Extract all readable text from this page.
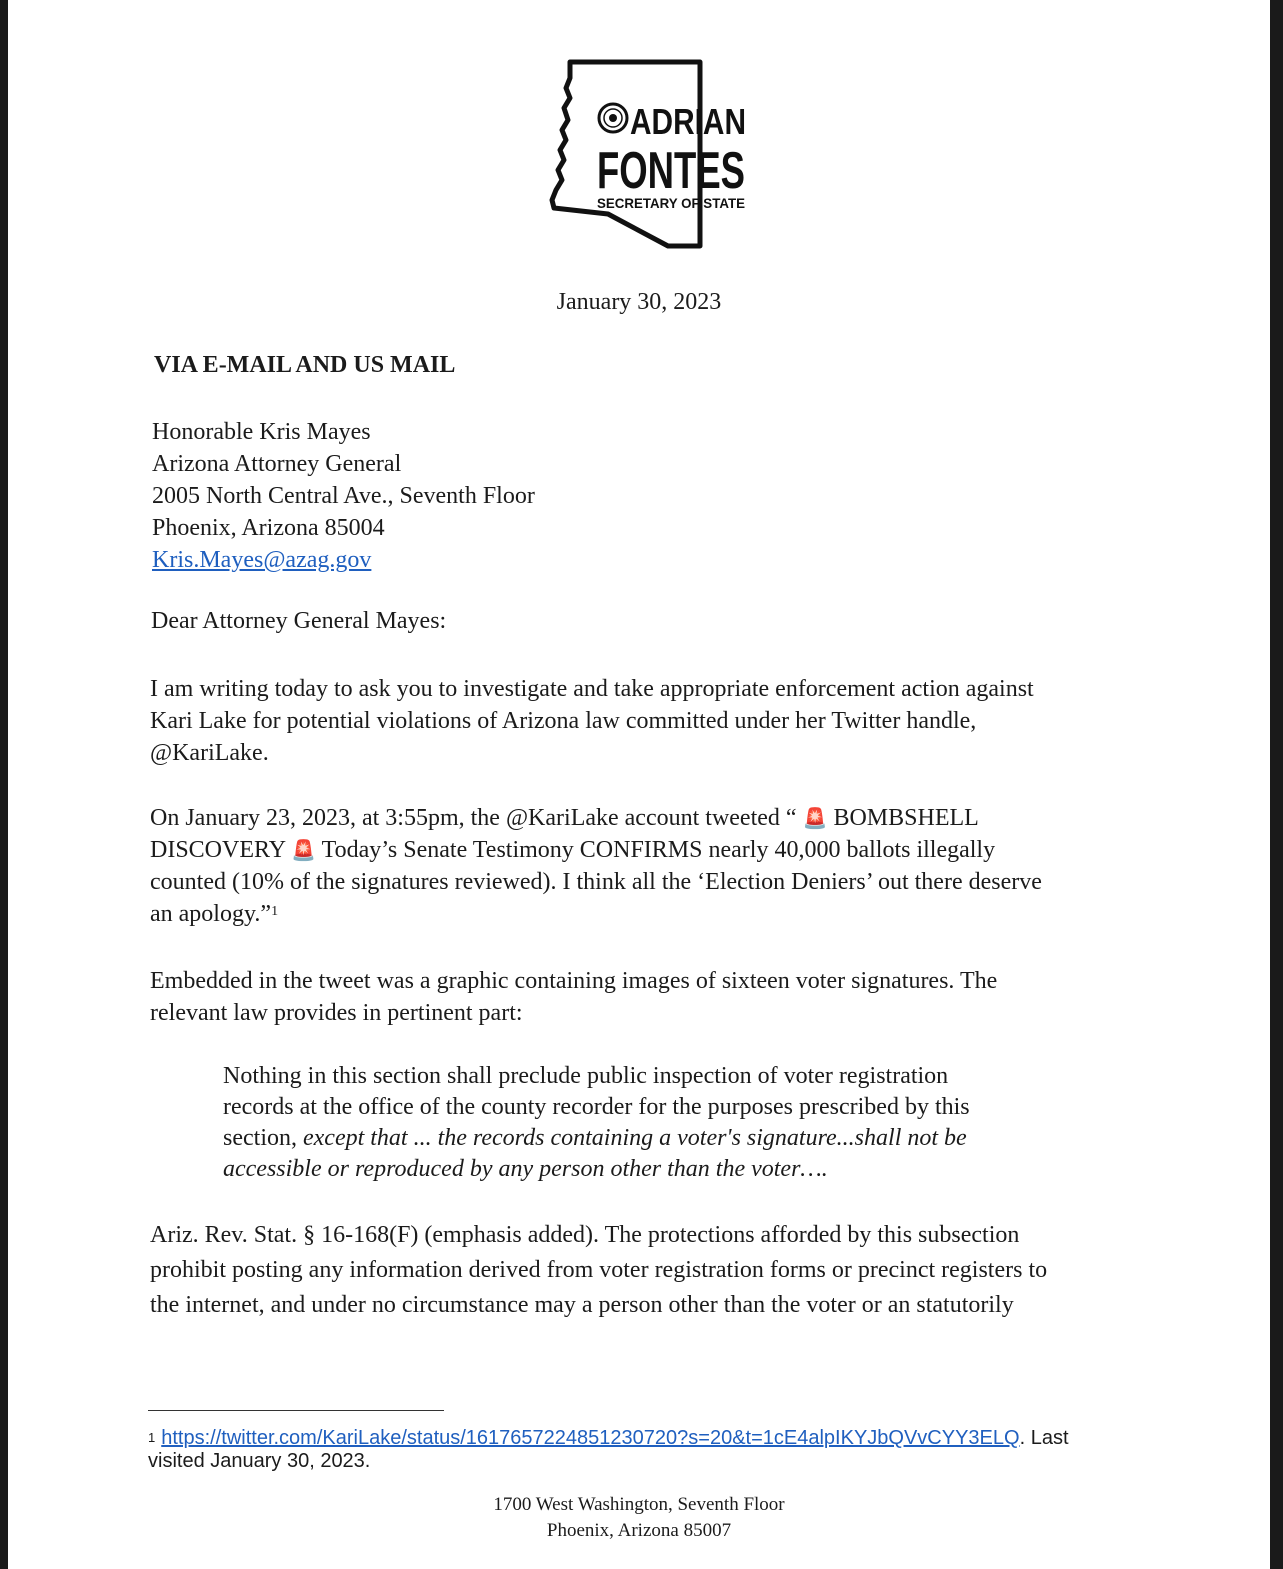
ADRIAN
FONTES
SECRETARY OF STATE
January 30, 2023
VIA E-MAIL AND US MAIL
Honorable Kris Mayes
Arizona Attorney General
2005 North Central Ave., Seventh Floor
Phoenix, Arizona 85004
Kris.Mayes@azag.gov
Dear Attorney General Mayes:
I am writing today to ask you to investigate and take appropriate enforcement action against
Kari Lake for potential violations of Arizona law committed under her Twitter handle,
@KariLake.
On January 23, 2023, at 3:55pm, the @KariLake account tweeted “ 🚨 BOMBSHELL
DISCOVERY 🚨 Today’s Senate Testimony CONFIRMS nearly 40,000 ballots illegally
counted (10% of the signatures reviewed). I think all the ‘Election Deniers’ out there deserve
an apology.”$^1$
Embedded in the tweet was a graphic containing images of sixteen voter signatures. The
relevant law provides in pertinent part:
Nothing in this section shall preclude public inspection of voter registration
records at the office of the county recorder for the purposes prescribed by this
section, except that ... the records containing a voter's signature...shall not be
accessible or reproduced by any person other than the voter….
Ariz. Rev. Stat. § 16-168(F) (emphasis added). The protections afforded by this subsection
prohibit posting any information derived from voter registration forms or precinct registers to
the internet, and under no circumstance may a person other than the voter or an statutorily
$^1$ https://twitter.com/KariLake/status/1617657224851230720?s=20&t=1cE4alpIKYJbQVvCYY3ELQ. Last
visited January 30, 2023.
1700 West Washington, Seventh Floor
Phoenix, Arizona 85007
